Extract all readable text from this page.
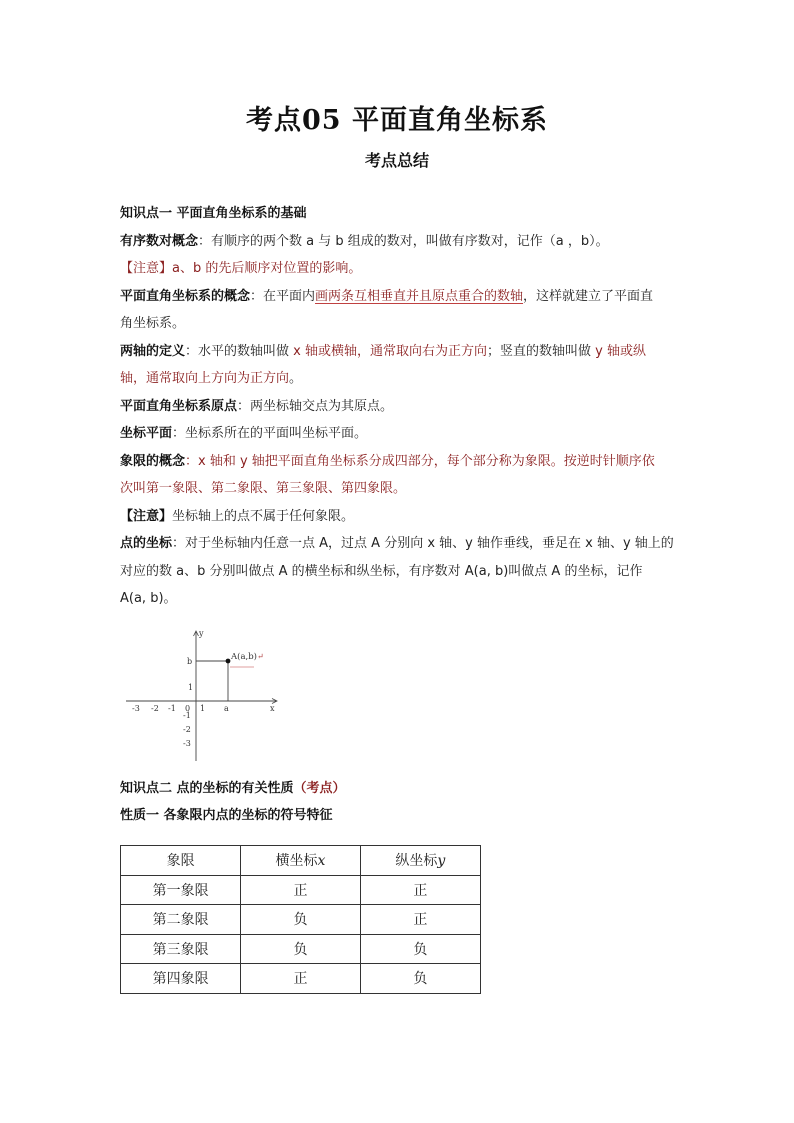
考点05 平面直角坐标系
考点总结

知识点一 平面直角坐标系的基础

有序数对概念：有顺序的两个数 a 与 b 组成的数对，叫做有序数对，记作（a ，b）。

【注意】a、b 的先后顺序对位置的影响。

平面直角坐标系的概念：在平面内画两条互相垂直并且原点重合的数轴，这样就建立了平面直
角坐标系。

两轴的定义：水平的数轴叫做 x 轴或横轴，通常取向右为正方向；竖直的数轴叫做 y 轴或纵
轴，通常取向上方向为正方向。

平面直角坐标系原点：两坐标轴交点为其原点。

坐标平面：坐标系所在的平面叫坐标平面。

象限的概念：x 轴和 y 轴把平面直角坐标系分成四部分，每个部分称为象限。按逆时针顺序依
次叫第一象限、第二象限、第三象限、第四象限。

【注意】坐标轴上的点不属于任何象限。

点的坐标：对于坐标轴内任意一点 A，过点 A 分别向 x 轴、y 轴作垂线，垂足在 x 轴、y 轴上的
对应的数 a、b 分别叫做点 A 的横坐标和纵坐标，有序数对 A(a, b)叫做点 A 的坐标，记作
A(a, b)。

A(a,b) ↵
b
a	x
y
0
-3 -2 -1	1
1
-1
-2
-3

知识点二 点的坐标的有关性质（考点）

性质一 各象限内点的坐标的符号特征

象限	横坐标x	纵坐标y
第一象限	正	正
第二象限	负	正
第三象限	负	负
第四象限	正	负
